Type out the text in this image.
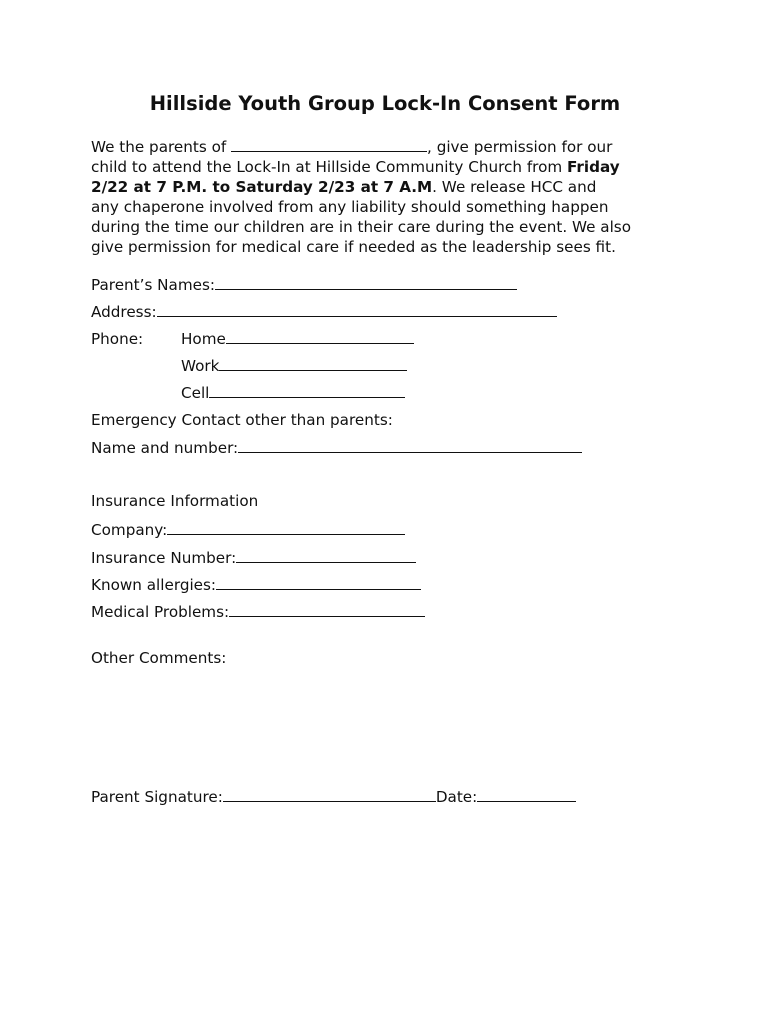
Hillside Youth Group Lock-In Consent Form
We the parents of	, give permission for our
child to attend the Lock-In at Hillside Community Church from Friday
2/22 at 7 P.M. to Saturday 2/23 at 7 A.M. We release HCC and
any chaperone involved from any liability should something happen
during the time our children are in their care during the event. We also
give permission for medical care if needed as the leadership sees fit.
Parent’s Names:
Address:
Phone: Home
Work
Cell
Emergency Contact other than parents:
Name and number:
Insurance Information
Company:
Insurance Number:
Known allergies:
Medical Problems:
Other Comments:
Parent Signature:	Date:
